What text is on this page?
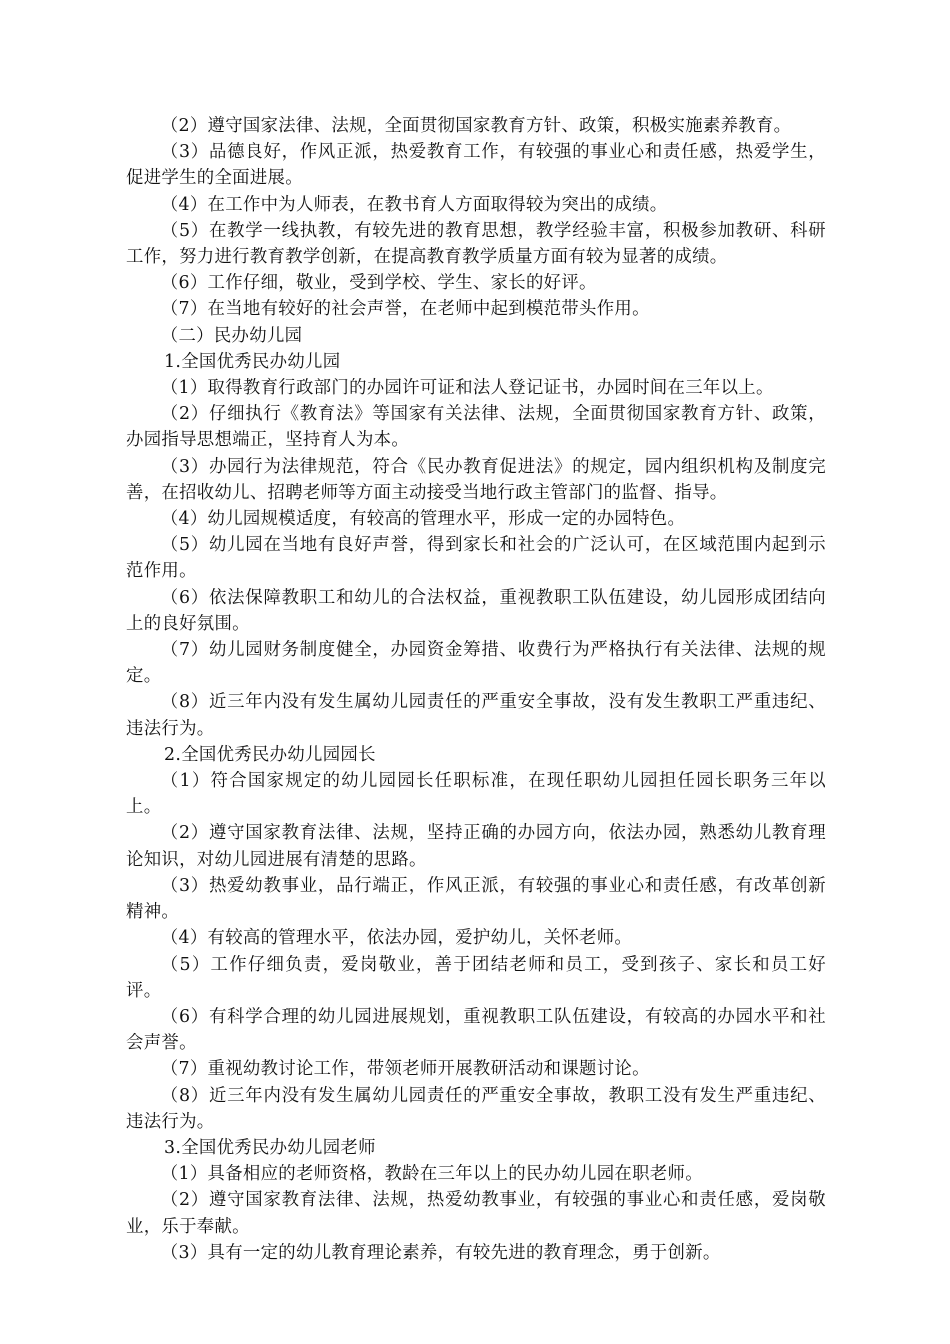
（2）遵守国家法律、法规，全面贯彻国家教育方针、政策，积极实施素养教育。

（3）品德良好，作风正派，热爱教育工作，有较强的事业心和责任感，热爱学生，促进学生的全面进展。

（4）在工作中为人师表，在教书育人方面取得较为突出的成绩。

（5）在教学一线执教，有较先进的教育思想，教学经验丰富，积极参加教研、科研工作，努力进行教育教学创新，在提高教育教学质量方面有较为显著的成绩。

（6）工作仔细，敬业，受到学校、学生、家长的好评。

（7）在当地有较好的社会声誉，在老师中起到模范带头作用。

（二）民办幼儿园

1.全国优秀民办幼儿园

（1）取得教育行政部门的办园许可证和法人登记证书，办园时间在三年以上。

（2）仔细执行《教育法》等国家有关法律、法规，全面贯彻国家教育方针、政策，办园指导思想端正，坚持育人为本。

（3）办园行为法律规范，符合《民办教育促进法》的规定，园内组织机构及制度完善，在招收幼儿、招聘老师等方面主动接受当地行政主管部门的监督、指导。

（4）幼儿园规模适度，有较高的管理水平，形成一定的办园特色。

（5）幼儿园在当地有良好声誉，得到家长和社会的广泛认可，在区域范围内起到示范作用。

（6）依法保障教职工和幼儿的合法权益，重视教职工队伍建设，幼儿园形成团结向上的良好氛围。

（7）幼儿园财务制度健全，办园资金筹措、收费行为严格执行有关法律、法规的规定。

（8）近三年内没有发生属幼儿园责任的严重安全事故，没有发生教职工严重违纪、违法行为。

2.全国优秀民办幼儿园园长

（1）符合国家规定的幼儿园园长任职标准，在现任职幼儿园担任园长职务三年以上。

（2）遵守国家教育法律、法规，坚持正确的办园方向，依法办园，熟悉幼儿教育理论知识，对幼儿园进展有清楚的思路。

（3）热爱幼教事业，品行端正，作风正派，有较强的事业心和责任感，有改革创新精神。

（4）有较高的管理水平，依法办园，爱护幼儿，关怀老师。

（5）工作仔细负责，爱岗敬业，善于团结老师和员工，受到孩子、家长和员工好评。

（6）有科学合理的幼儿园进展规划，重视教职工队伍建设，有较高的办园水平和社会声誉。

（7）重视幼教讨论工作，带领老师开展教研活动和课题讨论。

（8）近三年内没有发生属幼儿园责任的严重安全事故，教职工没有发生严重违纪、违法行为。

3.全国优秀民办幼儿园老师

（1）具备相应的老师资格，教龄在三年以上的民办幼儿园在职老师。

（2）遵守国家教育法律、法规，热爱幼教事业，有较强的事业心和责任感，爱岗敬业，乐于奉献。

（3）具有一定的幼儿教育理论素养，有较先进的教育理念，勇于创新。
